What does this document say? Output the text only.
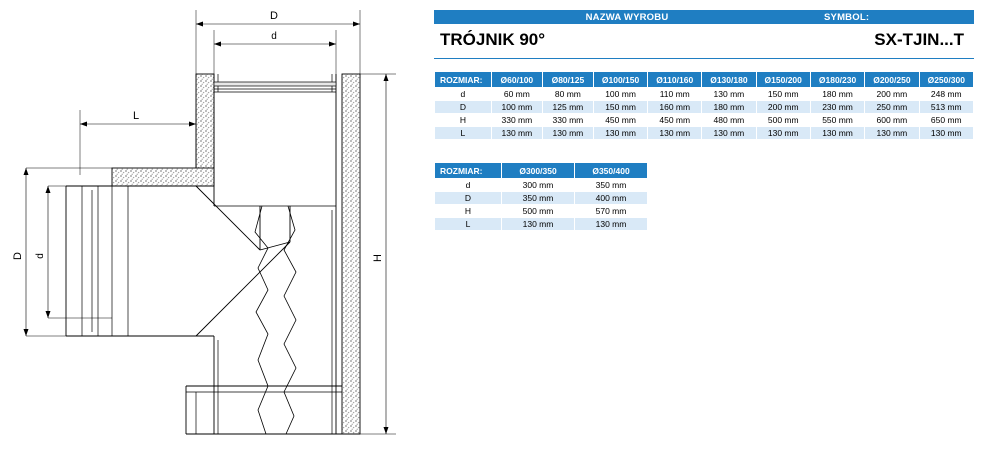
D
d
L
D d	H
NAZWA WYROBU	SYMBOL:
TRÓJNIK 90°	SX-TJIN...T
ROZMIAR:	Ø60/100	Ø80/125	Ø100/150	Ø110/160	Ø130/180	Ø150/200	Ø180/230	Ø200/250	Ø250/300
d	60 mm	80 mm	100 mm	110 mm	130 mm	150 mm	180 mm	200 mm	248 mm
D	100 mm	125 mm	150 mm	160 mm	180 mm	200 mm	230 mm	250 mm	513 mm
H	330 mm	330 mm	450 mm	450 mm	480 mm	500 mm	550 mm	600 mm	650 mm
L	130 mm	130 mm	130 mm	130 mm	130 mm	130 mm	130 mm	130 mm	130 mm
ROZMIAR:	Ø300/350	Ø350/400
d	300 mm	350 mm
D	350 mm	400 mm
H	500 mm	570 mm
L	130 mm	130 mm
